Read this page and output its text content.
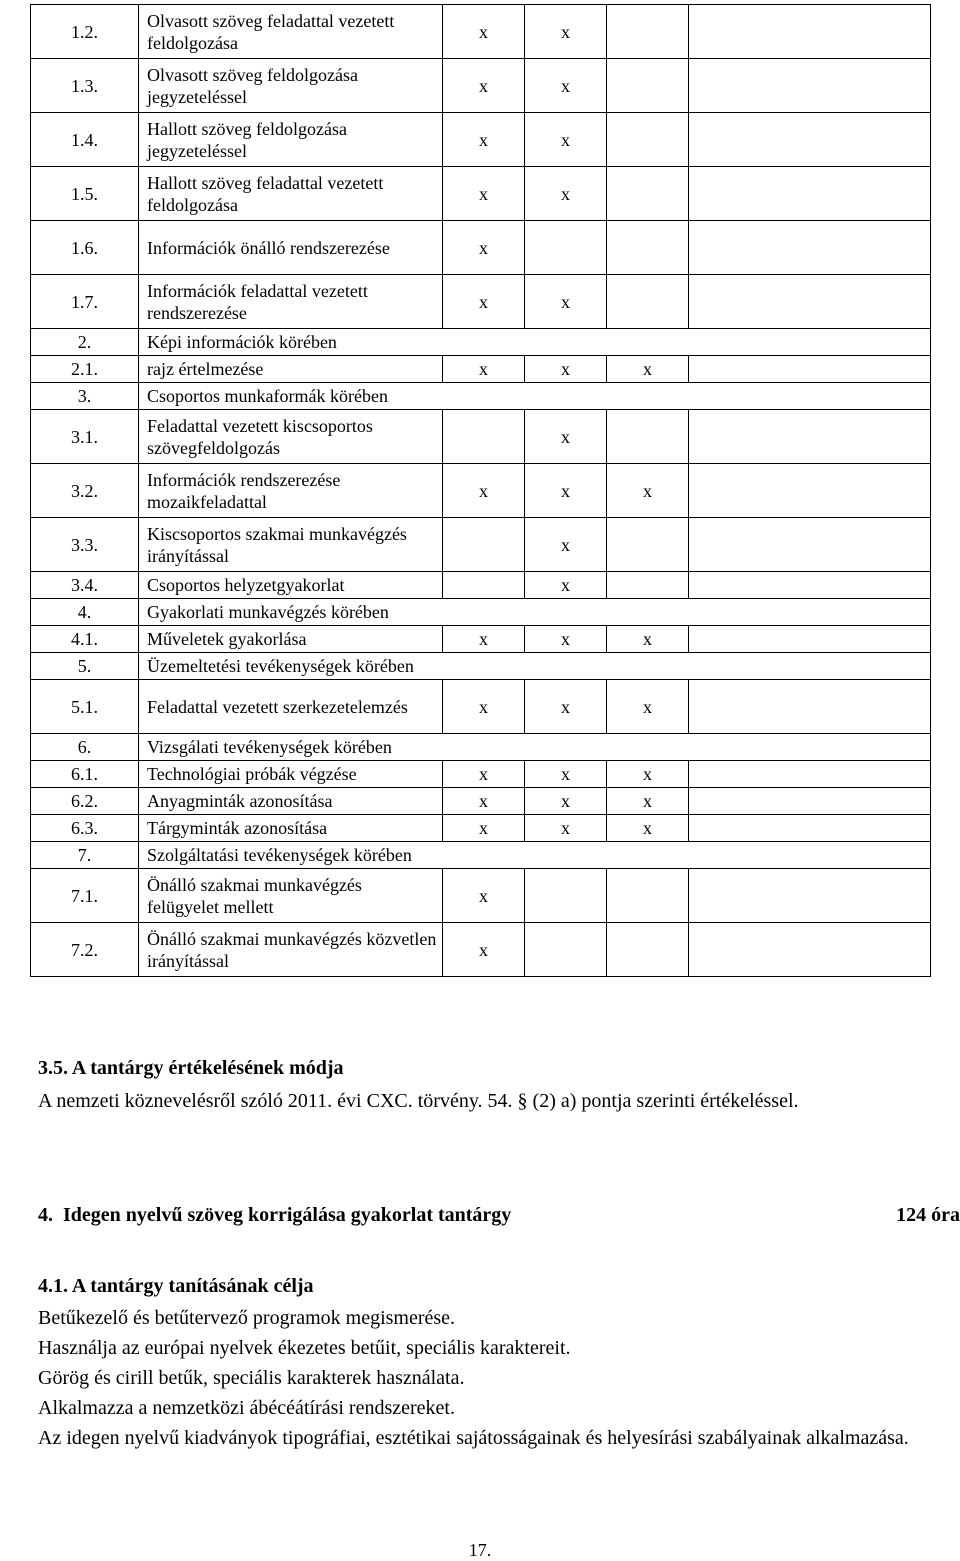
1.2.	Olvasott szöveg feladattal vezetett feldolgozása	x	x		
1.3.	Olvasott szöveg feldolgozása jegyzeteléssel	x	x		
1.4.	Hallott szöveg feldolgozása jegyzeteléssel	x	x		
1.5.	Hallott szöveg feladattal vezetett feldolgozása	x	x		
1.6.	Információk önálló rendszerezése	x			
1.7.	Információk feladattal vezetett rendszerezése	x	x		
2.	Képi információk körében				
2.1.	rajz értelmezése	x	x	x	
3.	Csoportos munkaformák körében				
3.1.	Feladattal vezetett kiscsoportos szövegfeldolgozás		x		
3.2.	Információk rendszerezése mozaikfeladattal	x	x	x	
3.3.	Kiscsoportos szakmai munkavégzés irányítással		x		
3.4.	Csoportos helyzetgyakorlat		x		
4.	Gyakorlati munkavégzés körében				
4.1.	Műveletek gyakorlása	x	x	x	
5.	Üzemeltetési tevékenységek körében				
5.1.	Feladattal vezetett szerkezetelemzés	x	x	x	
6.	Vizsgálati tevékenységek körében				
6.1.	Technológiai próbák végzése	x	x	x	
6.2.	Anyagminták azonosítása	x	x	x	
6.3.	Tárgyminták azonosítása	x	x	x	
7.	Szolgáltatási tevékenységek körében				
7.1.	Önálló szakmai munkavégzés felügyelet mellett	x			
7.2.	Önálló szakmai munkavégzés közvetlen irányítással	x			
3.5. A tantárgy értékelésének módja
A nemzeti köznevelésről szóló 2011. évi CXC. törvény. 54. § (2) a) pontja szerinti értékeléssel.
4.  Idegen nyelvű szöveg korrigálása gyakorlat tantárgy	124 óra
4.1. A tantárgy tanításának célja
Betűkezelő és betűtervező programok megismerése.
Használja az európai nyelvek ékezetes betűit, speciális karaktereit.
Görög és cirill betűk, speciális karakterek használata.
Alkalmazza a nemzetközi ábécéátírási rendszereket.
Az idegen nyelvű kiadványok tipográfiai, esztétikai sajátosságainak és helyesírási szabályainak alkalmazása.
17.
